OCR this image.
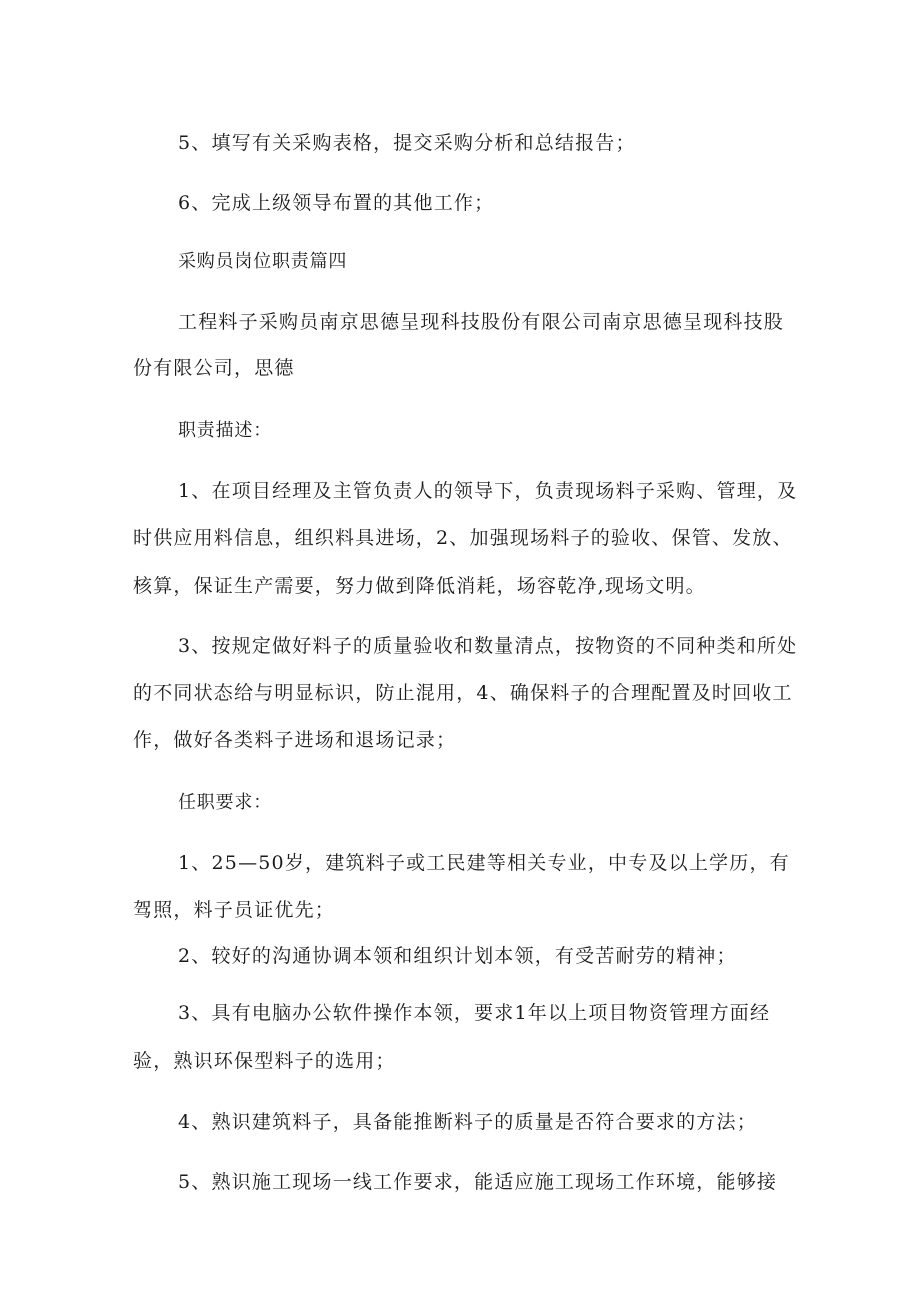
5、填写有关采购表格，提交采购分析和总结报告；
6、完成上级领导布置的其他工作；
采购员岗位职责篇四
工程料子采购员南京思德呈现科技股份有限公司南京思德呈现科技股
份有限公司，思德
职责描述：
1、在项目经理及主管负责人的领导下，负责现场料子采购、管理，及
时供应用料信息，组织料具进场，2、加强现场料子的验收、保管、发放、
核算，保证生产需要，努力做到降低消耗，场容乾净,现场文明。
3、按规定做好料子的质量验收和数量清点，按物资的不同种类和所处
的不同状态给与明显标识，防止混用，4、确保料子的合理配置及时回收工
作，做好各类料子进场和退场记录；
任职要求：
1、25—50岁，建筑料子或工民建等相关专业，中专及以上学历，有
驾照，料子员证优先；
2、较好的沟通协调本领和组织计划本领，有受苦耐劳的精神；
3、具有电脑办公软件操作本领，要求1年以上项目物资管理方面经
验，熟识环保型料子的选用；
4、熟识建筑料子，具备能推断料子的质量是否符合要求的方法；
5、熟识施工现场一线工作要求，能适应施工现场工作环境，能够接
